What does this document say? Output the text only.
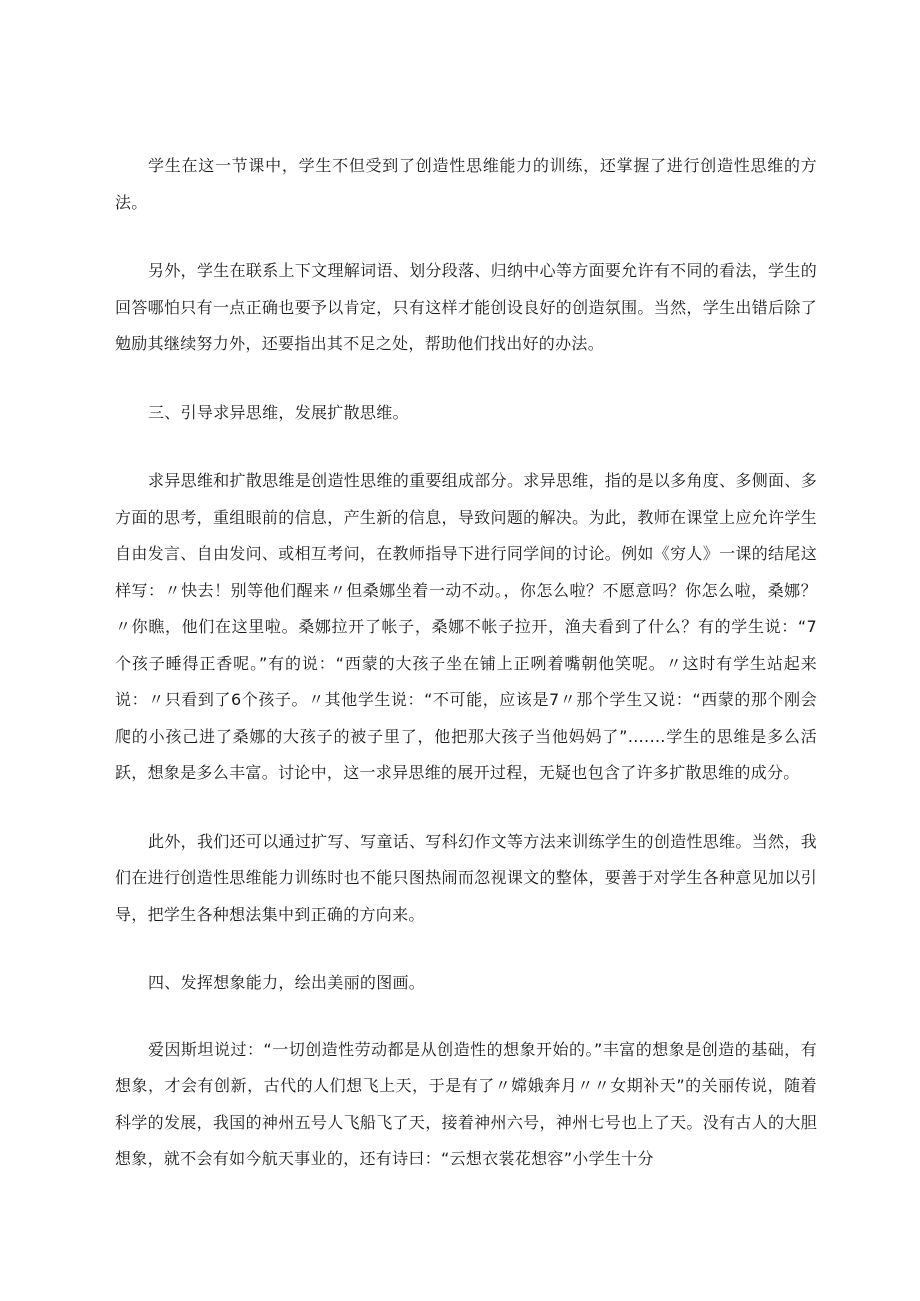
学生在这一节课中，学生不但受到了创造性思维能力的训练，还掌握了进行创造性思维的方法。

另外，学生在联系上下文理解词语、划分段落、归纳中心等方面要允许有不同的看法，学生的回答哪怕只有一点正确也要予以肯定，只有这样才能创设良好的创造氛围。当然，学生出错后除了勉励其继续努力外，还要指出其不足之处，帮助他们找出好的办法。

三、引导求异思维，发展扩散思维。

求异思维和扩散思维是创造性思维的重要组成部分。求异思维，指的是以多角度、多侧面、多方面的思考，重组眼前的信息，产生新的信息，导致问题的解决。为此，教师在课堂上应允许学生自由发言、自由发问、或相互考问，在教师指导下进行同学间的讨论。例如《穷人》一课的结尾这样写：〃快去！别等他们醒来〃但桑娜坐着一动不动。，你怎么啦？不愿意吗？你怎么啦，桑娜？〃你瞧，他们在这里啦。桑娜拉开了帐子，桑娜不帐子拉开，渔夫看到了什么？有的学生说：“7个孩子睡得正香呢。”有的说：“西蒙的大孩子坐在铺上正咧着嘴朝他笑呢。〃这时有学生站起来说：〃只看到了6个孩子。〃其他学生说：“不可能，应该是7〃那个学生又说：“西蒙的那个刚会爬的小孩己进了桑娜的大孩子的被子里了，他把那大孩子当他妈妈了”….…学生的思维是多么活跃，想象是多么丰富。讨论中，这一求异思维的展开过程，无疑也包含了许多扩散思维的成分。

此外，我们还可以通过扩写、写童话、写科幻作文等方法来训练学生的创造性思维。当然，我们在进行创造性思维能力训练时也不能只图热闹而忽视课文的整体，要善于对学生各种意见加以引导，把学生各种想法集中到正确的方向来。

四、发挥想象能力，绘出美丽的图画。

爱因斯坦说过：“一切创造性劳动都是从创造性的想象开始的。”丰富的想象是创造的基础，有想象，才会有创新，古代的人们想飞上天，于是有了〃嫦娥奔月〃〃女期补天”的关丽传说，随着科学的发展，我国的神州五号人飞船飞了天，接着神州六号，神州七号也上了天。没有古人的大胆想象，就不会有如今航天事业的，还有诗曰：“云想衣裳花想容”小学生十分
